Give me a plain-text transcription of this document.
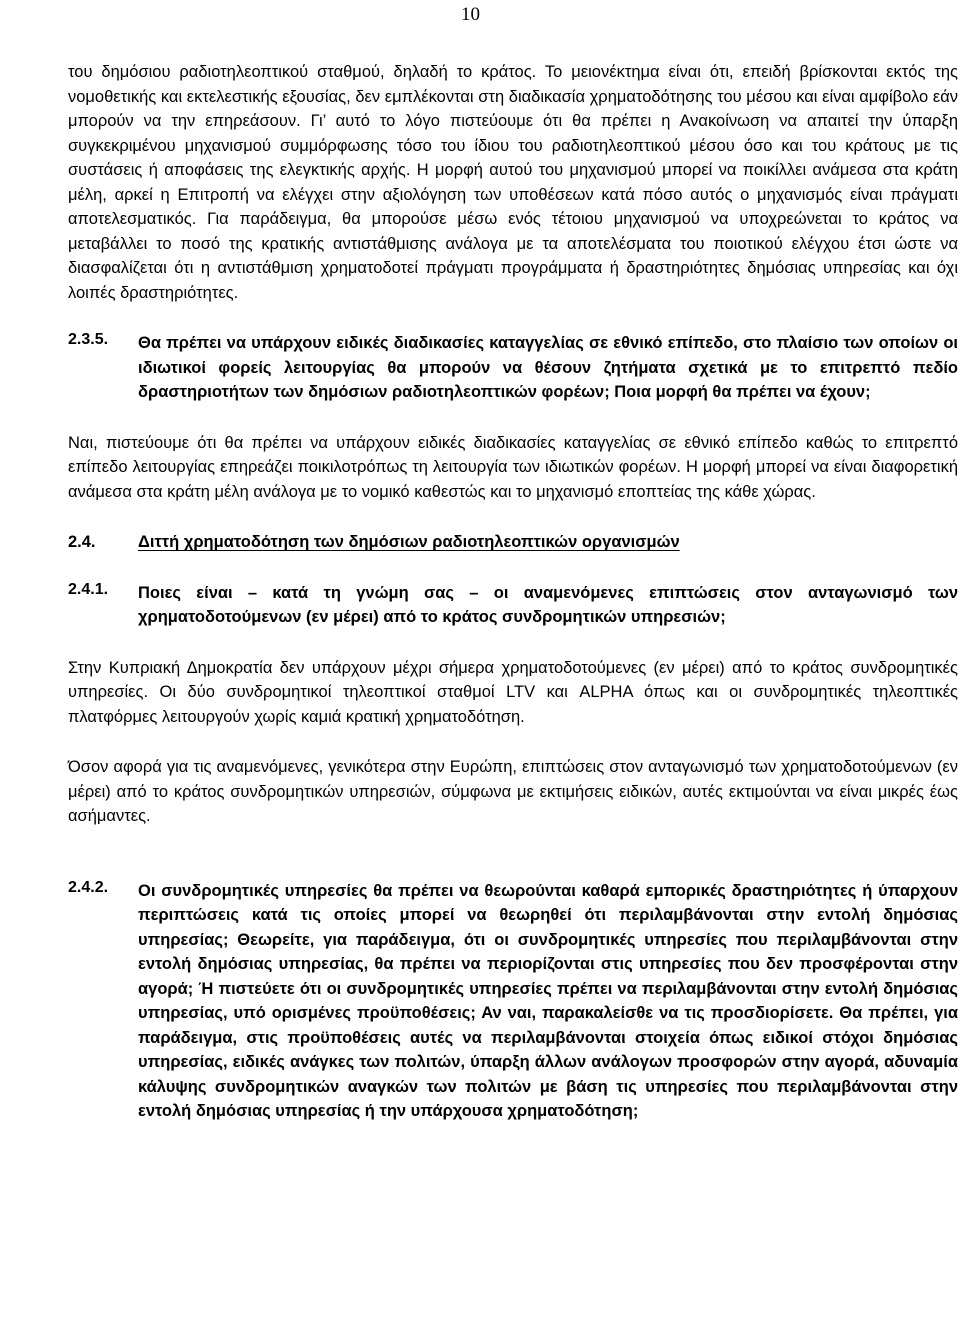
10

του δημόσιου ραδιοτηλεοπτικού σταθμού, δηλαδή το κράτος. Το μειονέκτημα είναι ότι, επειδή βρίσκονται εκτός της νομοθετικής και εκτελεστικής εξουσίας, δεν εμπλέκονται στη διαδικασία χρηματοδότησης του μέσου και είναι αμφίβολο εάν μπορούν να την επηρεάσουν. Γι’ αυτό το λόγο πιστεύουμε ότι θα πρέπει η Ανακοίνωση να απαιτεί την ύπαρξη συγκεκριμένου μηχανισμού συμμόρφωσης τόσο του ίδιου του ραδιοτηλεοπτικού μέσου όσο και του κράτους με τις συστάσεις ή αποφάσεις της ελεγκτικής αρχής. Η μορφή αυτού του μηχανισμού μπορεί να ποικίλλει ανάμεσα στα κράτη μέλη, αρκεί η Επιτροπή να ελέγχει στην αξιολόγηση των υποθέσεων κατά πόσο αυτός ο μηχανισμός είναι πράγματι αποτελεσματικός. Για παράδειγμα, θα μπορούσε μέσω ενός τέτοιου μηχανισμού να υποχρεώνεται το κράτος να μεταβάλλει το ποσό της κρατικής αντιστάθμισης ανάλογα με τα αποτελέσματα του ποιοτικού ελέγχου έτσι ώστε να διασφαλίζεται ότι η αντιστάθμιση χρηματοδοτεί πράγματι προγράμματα ή δραστηριότητες δημόσιας υπηρεσίας και όχι λοιπές δραστηριότητες.

2.3.5.	Θα πρέπει να υπάρχουν ειδικές διαδικασίες καταγγελίας σε εθνικό επίπεδο, στο πλαίσιο των οποίων οι ιδιωτικοί φορείς λειτουργίας θα μπορούν να θέσουν ζητήματα σχετικά με το επιτρεπτό πεδίο δραστηριοτήτων των δημόσιων ραδιοτηλεοπτικών φορέων; Ποια μορφή θα πρέπει να έχουν;

Ναι, πιστεύουμε ότι θα πρέπει να υπάρχουν ειδικές διαδικασίες καταγγελίας σε εθνικό επίπεδο καθώς το επιτρεπτό επίπεδο λειτουργίας επηρεάζει ποικιλοτρόπως τη λειτουργία των ιδιωτικών φορέων. Η μορφή μπορεί να είναι διαφορετική ανάμεσα στα κράτη μέλη ανάλογα με το νομικό καθεστώς και το μηχανισμό εποπτείας της κάθε χώρας.

2.4.	Διττή χρηματοδότηση των δημόσιων ραδιοτηλεοπτικών οργανισμών
2.4.1.	Ποιες είναι – κατά τη γνώμη σας – οι αναμενόμενες επιπτώσεις στον ανταγωνισμό των χρηματοδοτούμενων (εν μέρει) από το κράτος συνδρομητικών υπηρεσιών;

Στην Κυπριακή Δημοκρατία δεν υπάρχουν μέχρι σήμερα χρηματοδοτούμενες (εν μέρει) από το κράτος συνδρομητικές υπηρεσίες. Οι δύο συνδρομητικοί τηλεοπτικοί σταθμοί LTV και ALPHA όπως και οι συνδρομητικές τηλεοπτικές πλατφόρμες λειτουργούν χωρίς καμιά κρατική χρηματοδότηση.

Όσον αφορά για τις αναμενόμενες, γενικότερα στην Ευρώπη, επιπτώσεις στον ανταγωνισμό των χρηματοδοτούμενων (εν μέρει) από το κράτος συνδρομητικών υπηρεσιών, σύμφωνα με εκτιμήσεις ειδικών, αυτές εκτιμούνται να είναι μικρές έως ασήμαντες.

2.4.2.	Οι συνδρομητικές υπηρεσίες θα πρέπει να θεωρούνται καθαρά εμπορικές δραστηριότητες ή ύπαρχουν περιπτώσεις κατά τις οποίες μπορεί να θεωρηθεί ότι περιλαμβάνονται στην εντολή δημόσιας υπηρεσίας; Θεωρείτε, για παράδειγμα, ότι οι συνδρομητικές υπηρεσίες που περιλαμβάνονται στην εντολή δημόσιας υπηρεσίας, θα πρέπει να περιορίζονται στις υπηρεσίες που δεν προσφέρονται στην αγορά; Ή πιστεύετε ότι οι συνδρομητικές υπηρεσίες πρέπει να περιλαμβάνονται στην εντολή δημόσιας υπηρεσίας, υπό ορισμένες προϋποθέσεις; Αν ναι, παρακαλείσθε να τις προσδιορίσετε. Θα πρέπει, για παράδειγμα, στις προϋποθέσεις αυτές να περιλαμβάνονται στοιχεία όπως ειδικοί στόχοι δημόσιας υπηρεσίας, ειδικές ανάγκες των πολιτών, ύπαρξη άλλων ανάλογων προσφορών στην αγορά, αδυναμία κάλυψης συνδρομητικών αναγκών των πολιτών με βάση τις υπηρεσίες που περιλαμβάνονται στην εντολή δημόσιας υπηρεσίας ή την υπάρχουσα χρηματοδότηση;
